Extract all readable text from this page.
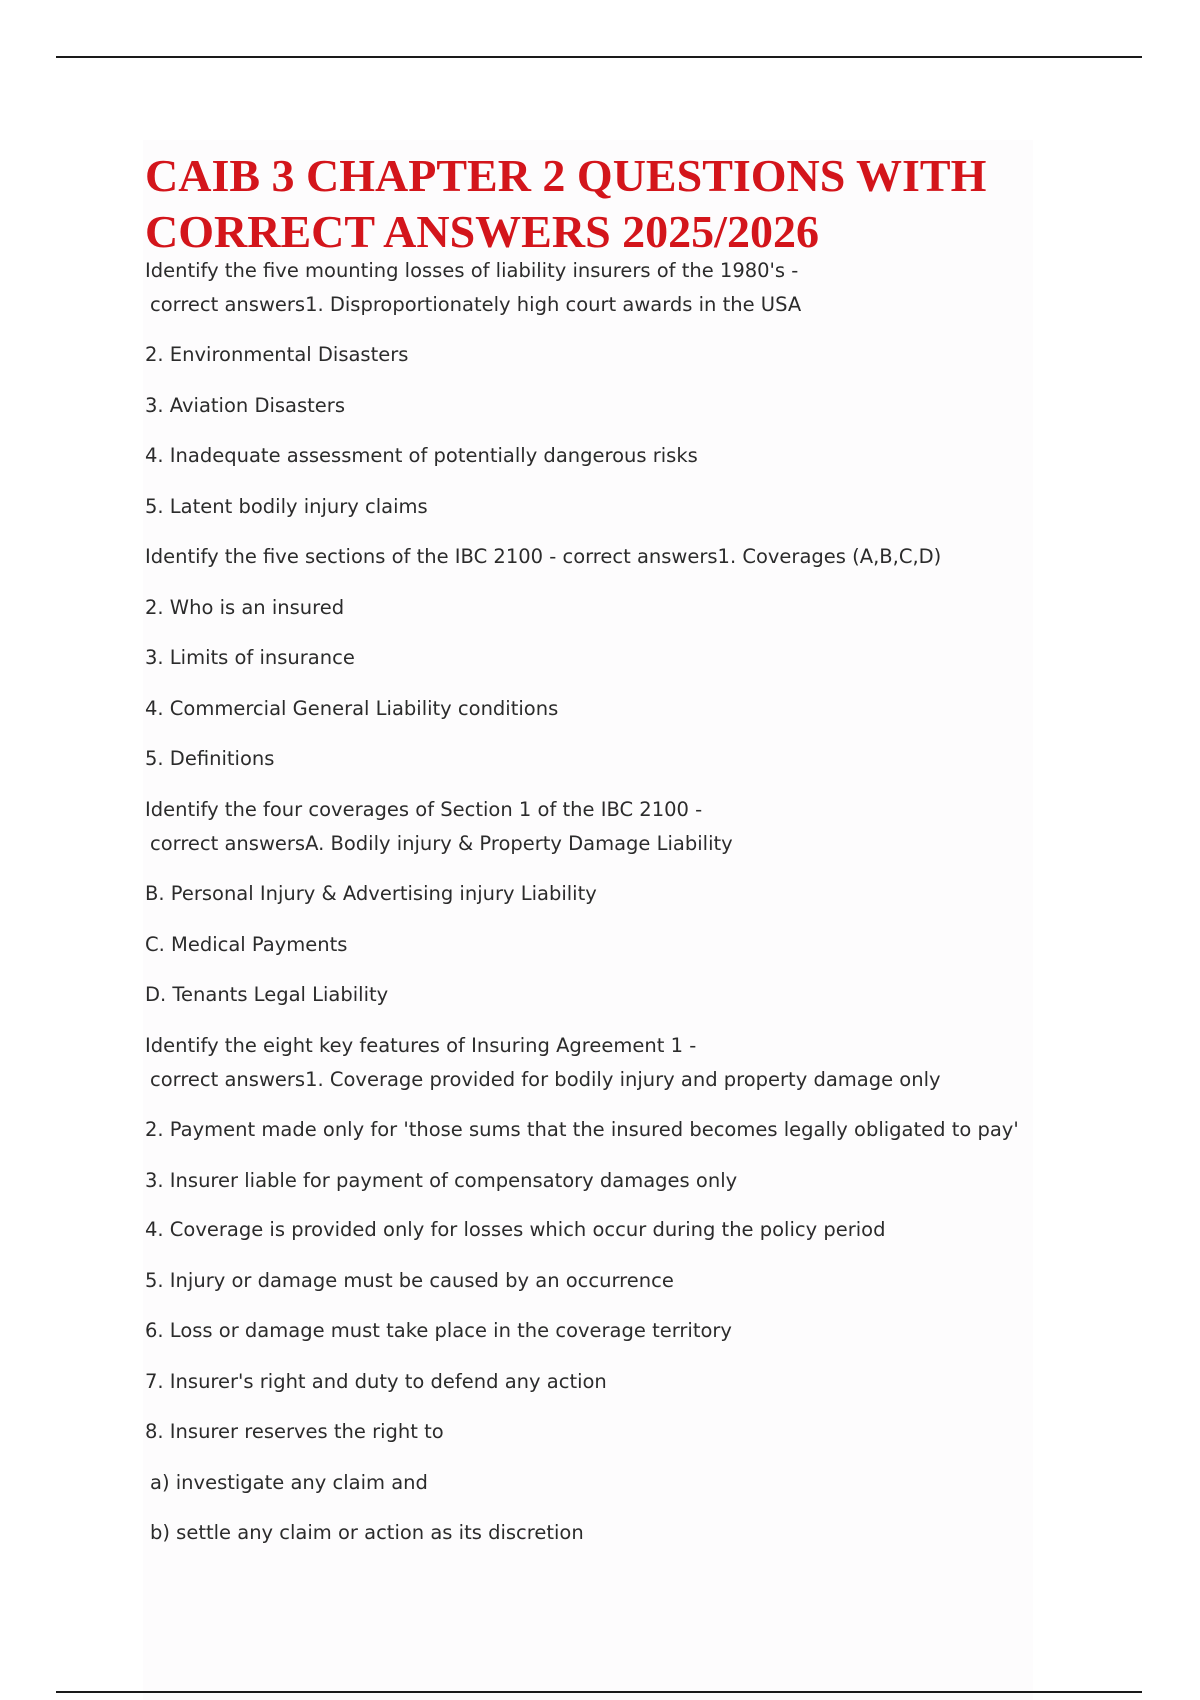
CAIB 3 CHAPTER 2 QUESTIONS WITH
CORRECT ANSWERS 2025/2026
Identify the five mounting losses of liability insurers of the 1980's -
correct answers1. Disproportionately high court awards in the USA
2. Environmental Disasters
3. Aviation Disasters
4. Inadequate assessment of potentially dangerous risks
5. Latent bodily injury claims
Identify the five sections of the IBC 2100 - correct answers1. Coverages (A,B,C,D)
2. Who is an insured
3. Limits of insurance
4. Commercial General Liability conditions
5. Definitions
Identify the four coverages of Section 1 of the IBC 2100 -
correct answersA. Bodily injury & Property Damage Liability
B. Personal Injury & Advertising injury Liability
C. Medical Payments
D. Tenants Legal Liability
Identify the eight key features of Insuring Agreement 1 -
correct answers1. Coverage provided for bodily injury and property damage only
2. Payment made only for 'those sums that the insured becomes legally obligated to pay'
3. Insurer liable for payment of compensatory damages only
4. Coverage is provided only for losses which occur during the policy period
5. Injury or damage must be caused by an occurrence
6. Loss or damage must take place in the coverage territory
7. Insurer's right and duty to defend any action
8. Insurer reserves the right to
a) investigate any claim and
b) settle any claim or action as its discretion
